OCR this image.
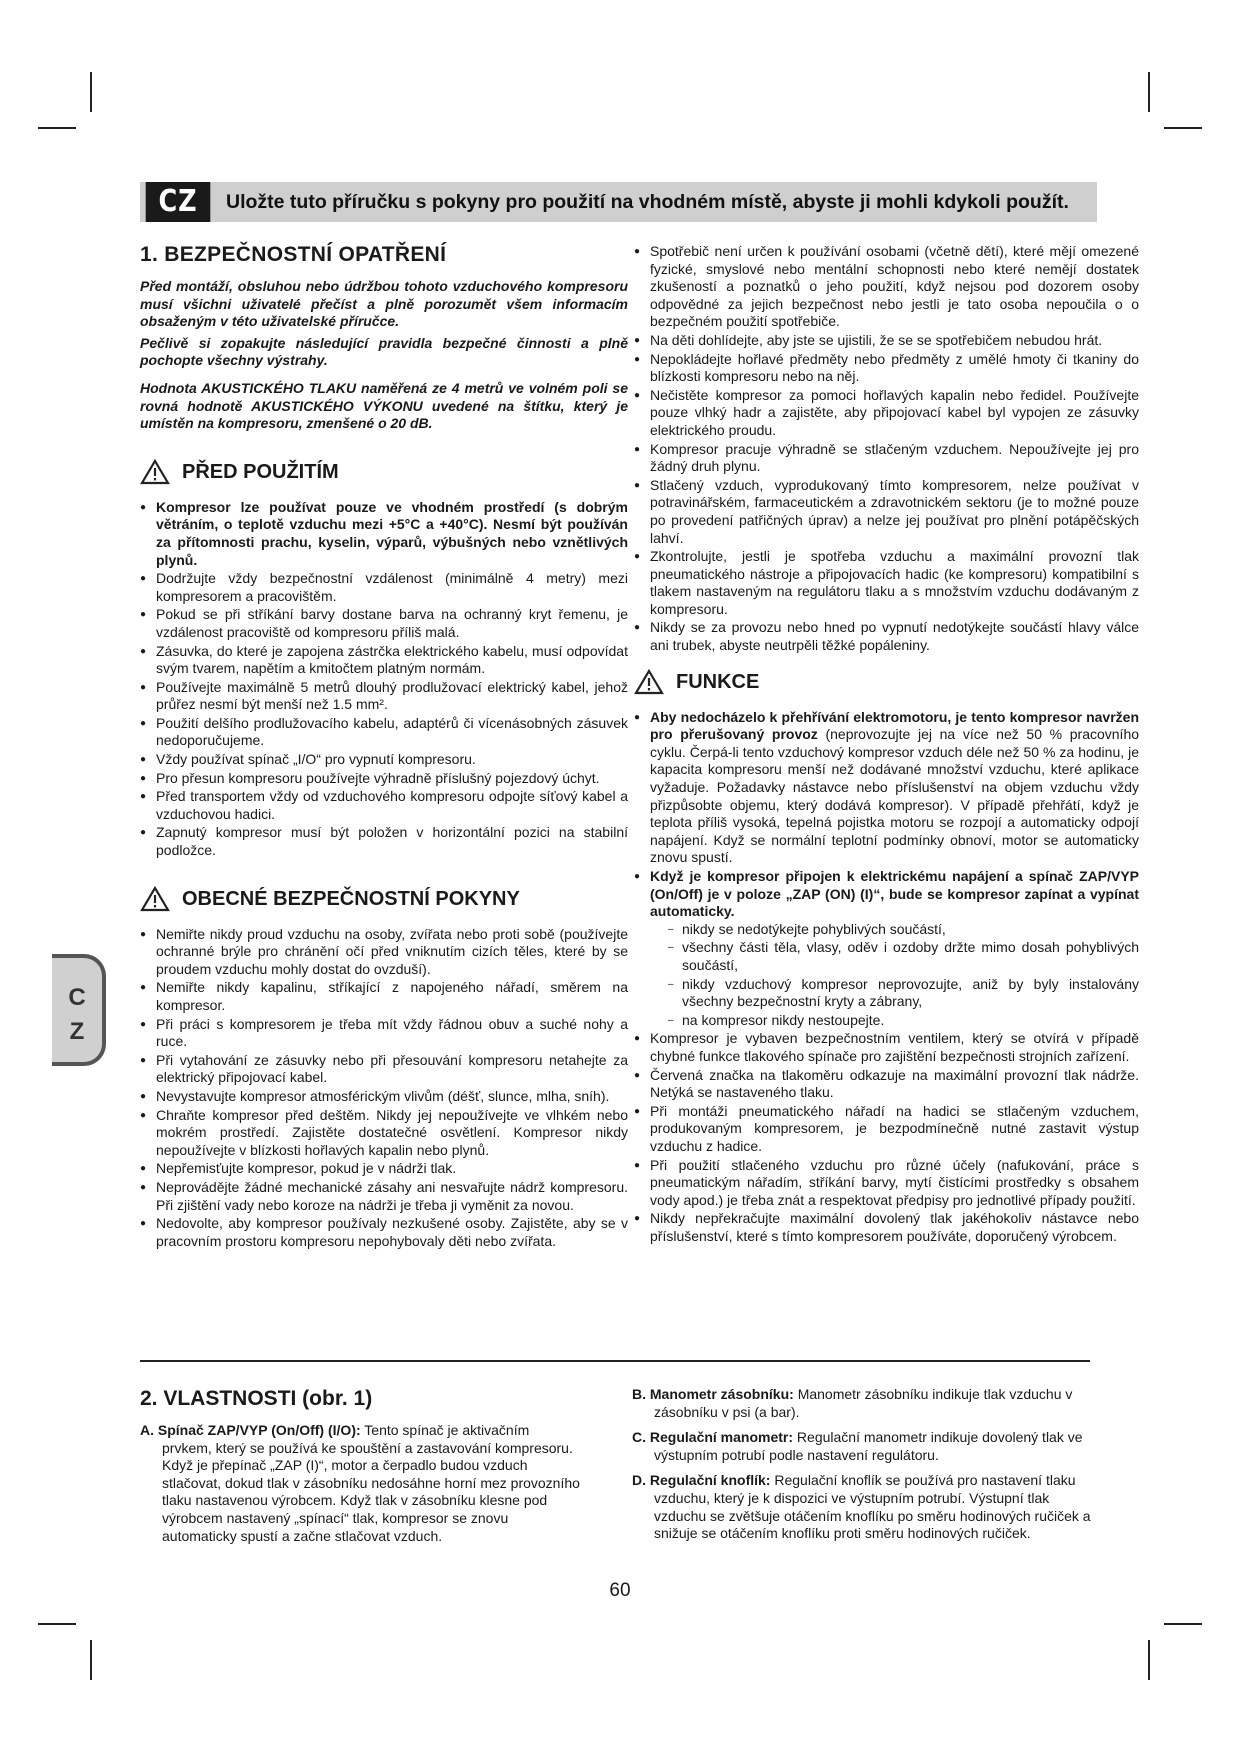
CZ	Uložte tuto příručku s pokyny pro použití na vhodném místě, abyste ji mohli kdykoli použít.
1. BEZPEČNOSTNÍ OPATŘENÍ

Před montáží, obsluhou nebo údržbou tohoto vzduchového kompresoru musí všichni uživatelé přečíst a plně porozumět všem informacím obsaženým v této uživatelské příručce.

Pečlivě si zopakujte následující pravidla bezpečné činnosti a plně pochopte všechny výstrahy.

Hodnota AKUSTICKÉHO TLAKU naměřená ze 4 metrů ve volném poli se rovná hodnotě AKUSTICKÉHO VÝKONU uvedené na štítku, který je umístěn na kompresoru, zmenšené o 20 dB.

PŘED POUŽITÍM
● Kompresor lze používat pouze ve vhodném prostředí (s dobrým větráním, o teplotě vzduchu mezi +5°C a +40°C). Nesmí být používán za přítomnosti prachu, kyselin, výparů, výbušných nebo vznětlivých plynů.
● Dodržujte vždy bezpečnostní vzdálenost (minimálně 4 metry) mezi kompresorem a pracovištěm.
● Pokud se při stříkání barvy dostane barva na ochranný kryt řemenu, je vzdálenost pracoviště od kompresoru příliš malá.
● Zásuvka, do které je zapojena zástrčka elektrického kabelu, musí odpovídat svým tvarem, napětím a kmitočtem platným normám.
● Používejte maximálně 5 metrů dlouhý prodlužovací elektrický kabel, jehož průřez nesmí být menší než 1.5 mm².
● Použití delšího prodlužovacího kabelu, adaptérů či vícenásobných zásuvek nedoporučujeme.
● Vždy používat spínač „I/O“ pro vypnutí kompresoru.
● Pro přesun kompresoru používejte výhradně příslušný pojezdový úchyt.
● Před transportem vždy od vzduchového kompresoru odpojte síťový kabel a vzduchovou hadici.
● Zapnutý kompresor musí být položen v horizontální pozici na stabilní podložce.
OBECNÉ BEZPEČNOSTNÍ POKYNY
● Nemiřte nikdy proud vzduchu na osoby, zvířata nebo proti sobě (používejte ochranné brýle pro chránění očí před vniknutím cizích těles, které by se proudem vzduchu mohly dostat do ovzduší).
● Nemiřte nikdy kapalinu, stříkající z napojeného nářadí, směrem na kompresor.
● Při práci s kompresorem je třeba mít vždy řádnou obuv a suché nohy a ruce.
● Při vytahování ze zásuvky nebo při přesouvání kompresoru netahejte za elektrický připojovací kabel.
● Nevystavujte kompresor atmosférickým vlivům (déšť, slunce, mlha, sníh).
● Chraňte kompresor před deštěm. Nikdy jej nepoužívejte ve vlhkém nebo mokrém prostředí. Zajistěte dostatečné osvětlení. Kompresor nikdy nepoužívejte v blízkosti hořlavých kapalin nebo plynů.
● Nepřemisťujte kompresor, pokud je v nádrži tlak.
● Neprovádějte žádné mechanické zásahy ani nesvařujte nádrž kompresoru. Při zjištění vady nebo koroze na nádrži je třeba ji vyměnit za novou.
● Nedovolte, aby kompresor používaly nezkušené osoby. Zajistěte, aby se v pracovním prostoru kompresoru nepohybovaly děti nebo zvířata.
● Spotřebič není určen k používání osobami (včetně dětí), které mějí omezené fyzické, smyslové nebo mentální schopnosti nebo které nemějí dostatek zkušeností a poznatků o jeho použití, když nejsou pod dozorem osoby odpovědné za jejich bezpečnost nebo jestli je tato osoba nepoučila o o bezpečném použití spotřebiče.
● Na děti dohlídejte, aby jste se ujistili, že se se spotřebičem nebudou hrát.
● Nepokládejte hořlavé předměty nebo předměty z umělé hmoty či tkaniny do blízkosti kompresoru nebo na něj.
● Nečistěte kompresor za pomoci hořlavých kapalin nebo ředidel. Používejte pouze vlhký hadr a zajistěte, aby připojovací kabel byl vypojen ze zásuvky elektrického proudu.
● Kompresor pracuje výhradně se stlačeným vzduchem. Nepoužívejte jej pro žádný druh plynu.
● Stlačený vzduch, vyprodukovaný tímto kompresorem, nelze používat v potravinářském, farmaceutickém a zdravotnickém sektoru (je to možné pouze po provedení patřičných úprav) a nelze jej používat pro plnění potápěčských lahví.
● Zkontrolujte, jestli je spotřeba vzduchu a maximální provozní tlak pneumatického nástroje a připojovacích hadic (ke kompresoru) kompatibilní s tlakem nastaveným na regulátoru tlaku a s množstvím vzduchu dodávaným z kompresoru.
● Nikdy se za provozu nebo hned po vypnutí nedotýkejte součástí hlavy válce ani trubek, abyste neutrpěli těžké popáleniny.
FUNKCE
● Aby nedocházelo k přehřívání elektromotoru, je tento kompresor navržen pro přerušovaný provoz (neprovozujte jej na více než 50 % pracovního cyklu. Čerpá-li tento vzduchový kompresor vzduch déle než 50 % za hodinu, je kapacita kompresoru menší než dodávané množství vzduchu, které aplikace vyžaduje. Požadavky nástavce nebo příslušenství na objem vzduchu vždy přizpůsobte objemu, který dodává kompresor). V případě přehřátí, když je teplota příliš vysoká, tepelná pojistka motoru se rozpojí a automaticky odpojí napájení. Když se normální teplotní podmínky obnoví, motor se automaticky znovu spustí.
● Když je kompresor připojen k elektrickému napájení a spínač ZAP/VYP (On/Off) je v poloze „ZAP (ON) (I)“, bude se kompresor zapínat a vypínat automaticky.
– nikdy se nedotýkejte pohyblivých součástí,
– všechny části těla, vlasy, oděv i ozdoby držte mimo dosah pohyblivých součástí,
– nikdy vzduchový kompresor neprovozujte, aniž by byly instalovány všechny bezpečnostní kryty a zábrany,
– na kompresor nikdy nestoupejte.
● Kompresor je vybaven bezpečnostním ventilem, který se otvírá v případě chybné funkce tlakového spínače pro zajištění bezpečnosti strojních zařízení.
● Červená značka na tlakoměru odkazuje na maximální provozní tlak nádrže. Netýká se nastaveného tlaku.
● Při montáži pneumatického nářadí na hadici se stlačeným vzduchem, produkovaným kompresorem, je bezpodmínečně nutné zastavit výstup vzduchu z hadice.
● Při použití stlačeného vzduchu pro různé účely (nafukování, práce s pneumatickým nářadím, stříkání barvy, mytí čistícími prostředky s obsahem vody apod.) je třeba znát a respektovat předpisy pro jednotlivé případy použití.
● Nikdy nepřekračujte maximální dovolený tlak jakéhokoliv nástavce nebo příslušenství, které s tímto kompresorem používáte, doporučený výrobcem.
2. VLASTNOSTI (obr. 1)

A. Spínač ZAP/VYP (On/Off) (I/O): Tento spínač je aktivačním prvkem, který se používá ke spouštění a zastavování kompresoru. Když je přepínač „ZAP (I)“, motor a čerpadlo budou vzduch stlačovat, dokud tlak v zásobníku nedosáhne horní mez provozního tlaku nastavenou výrobcem. Když tlak v zásobníku klesne pod výrobcem nastavený „spínací“ tlak, kompresor se znovu automaticky spustí a začne stlačovat vzduch.

B. Manometr zásobníku: Manometr zásobníku indikuje tlak vzduchu v zásobníku v psi (a bar).

C. Regulační manometr: Regulační manometr indikuje dovolený tlak ve výstupním potrubí podle nastavení regulátoru.

D. Regulační knoflík: Regulační knoflík se používá pro nastavení tlaku vzduchu, který je k dispozici ve výstupním potrubí. Výstupní tlak vzduchu se zvětšuje otáčením knoflíku po směru hodinových ručiček a snižuje se otáčením knoflíku proti směru hodinových ručiček.

C
Z
60
